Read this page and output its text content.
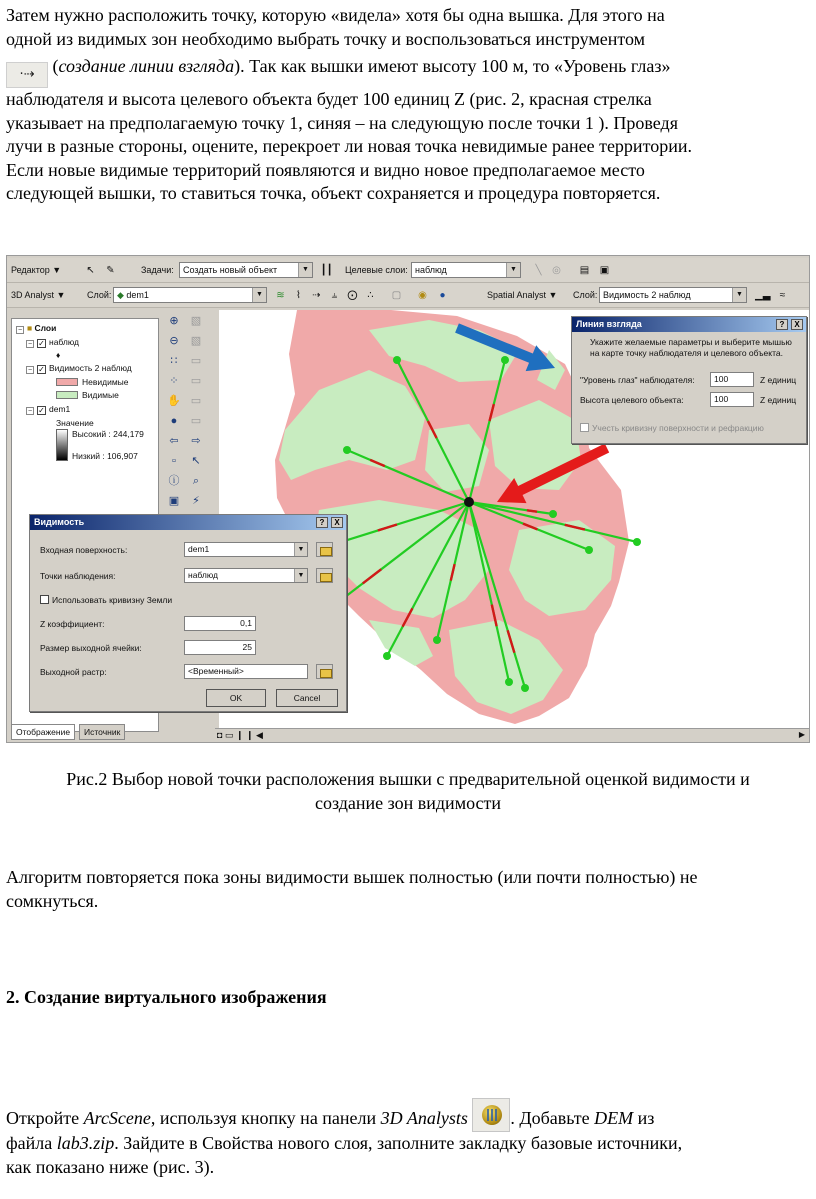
Затем нужно расположить точку, которую «видела» хотя бы одна вышка. Для этого на
одной из видимых зон необходимо выбрать точку и воспользоваться инструментом
·⇢ (создание линии взгляда). Так как вышки имеют высоту 100 м, то «Уровень глаз»
наблюдателя и высота целевого объекта будет 100 единиц Z (рис. 2, красная стрелка
указывает на предполагаемую точку 1, синяя – на следующую после точки 1 ). Проведя
лучи в разные стороны, оцените, перекроет ли новая точка невидимые ранее территории.
Если новые видимые территорий появляются и видно новое предполагаемое место
следующей вышки, то ставиться точка, объект сохраняется и процедура повторяется.
Редактор ▼	↖	✎	Задачи:	Создать новый объект	▼	┃┃ Целевые слои: наблюд	▼	╲	◎	▤ ▣
3D Analyst ▼ Слой: ◆ dem1	▼	≋	⌇	⇢	⫨	⨀ ∴	▢	◉	●	Spatial Analyst ▼ Слой: Видимость 2 наблюд	▼	▁▃ ≈
− ■ Слои
− ✓ наблюд
♦
− ✓ Видимость 2 наблюд
Невидимые
Видимые
− ✓ dem1
Значение
Высокий : 244,179
Низкий : 106,907
Отображение	Источник
⊕	▧
⊖	▧
∷	▭
⁘	▭
✋ ▭
●	▭
⇦	⇨
▫	↖
ⓘ	⌕
▣	⚡
◘ ▭ ❙ ❙ ◀	▶
Линия взгляда	?	X
Укажите желаемые параметры и выберите мышью
на карте точку наблюдателя и целевого объекта.
"Уровень глаз" наблюдателя:	100	Z единиц
Высота целевого объекта:	100	Z единиц
Учесть кривизну поверхности и рефракцию
Видимость	?	X
Входная поверхность:	dem1	▼
Точки наблюдения:	наблюд	▼
Использовать кривизну Земли
Z коэффициент:	0,1
Размер выходной ячейки:	25
Выходной растр:	<Временный>
OK	Cancel
Рис.2 Выбор новой точки расположения вышки с предварительной оценкой видимости и
создание зон видимости
Алгоритм повторяется пока зоны видимости вышек полностью (или почти полностью) не
сомкнуться.
2. Создание виртуального изображения
Откройте ArcScene, используя кнопку на панели 3D Analysts . Добавьте DEM из
файла lab3.zip. Зайдите в Свойства нового слоя, заполните закладку базовые источники,
как показано ниже (рис. 3).
